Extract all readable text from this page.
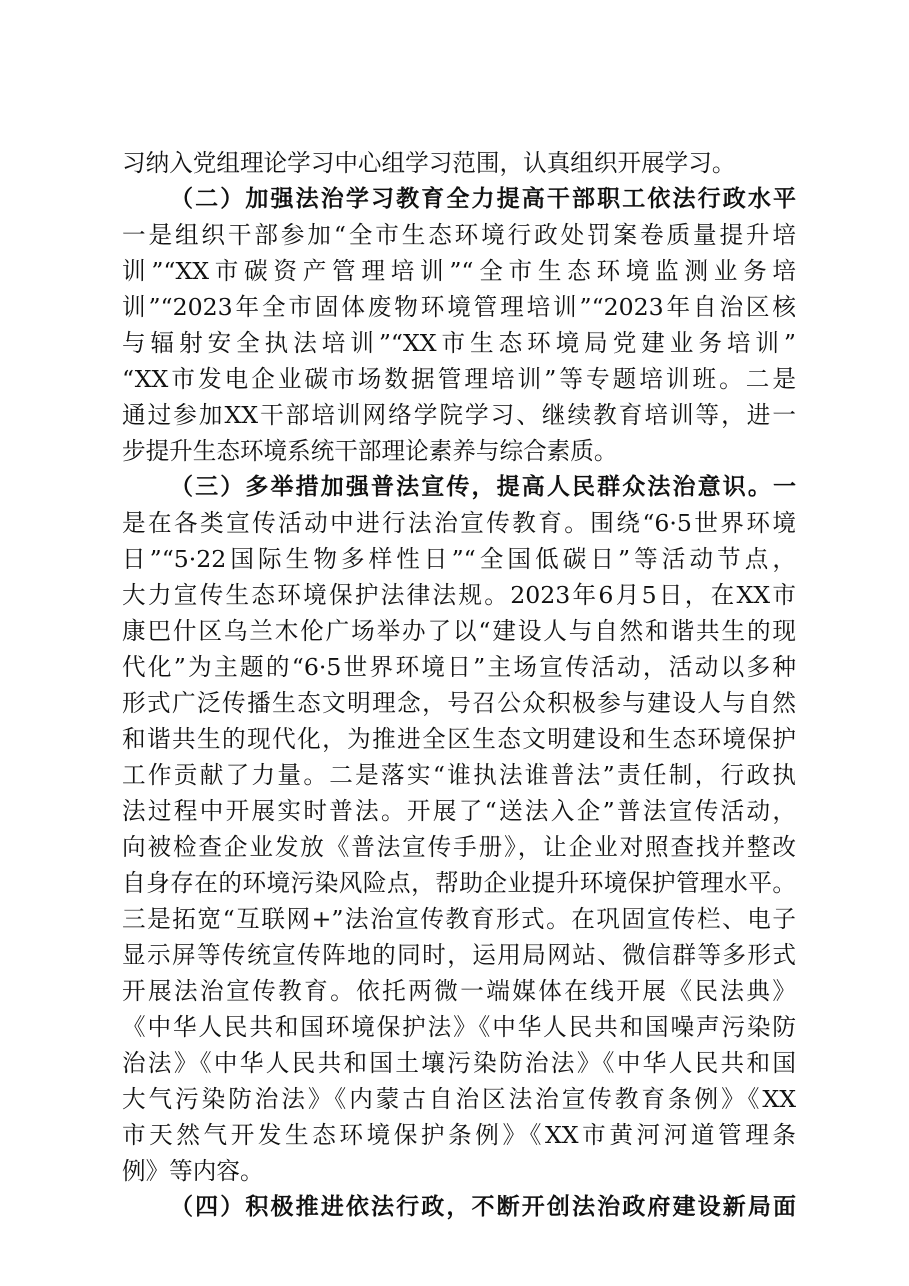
习纳入党组理论学习中心组学习范围，认真组织开展学习。
（二）加强法治学习教育全力提高干部职工依法行政水平
一是组织干部参加“全市生态环境行政处罚案卷质量提升培
训”“XX市碳资产管理培训”“全市生态环境监测业务培
训”“2023年全市固体废物环境管理培训”“2023年自治区核
与辐射安全执法培训”“XX市生态环境局党建业务培训”
“XX市发电企业碳市场数据管理培训”等专题培训班。二是
通过参加XX干部培训网络学院学习、继续教育培训等，进一
步提升生态环境系统干部理论素养与综合素质。
（三）多举措加强普法宣传，提高人民群众法治意识。一
是在各类宣传活动中进行法治宣传教育。围绕“6·5世界环境
日”“5·22国际生物多样性日”“全国低碳日”等活动节点，
大力宣传生态环境保护法律法规。2023年6月5日，在XX市
康巴什区乌兰木伦广场举办了以“建设人与自然和谐共生的现
代化”为主题的“6·5世界环境日”主场宣传活动，活动以多种
形式广泛传播生态文明理念，号召公众积极参与建设人与自然
和谐共生的现代化，为推进全区生态文明建设和生态环境保护
工作贡献了力量。二是落实“谁执法谁普法”责任制，行政执
法过程中开展实时普法。开展了“送法入企”普法宣传活动，
向被检查企业发放《普法宣传手册》，让企业对照查找并整改
自身存在的环境污染风险点，帮助企业提升环境保护管理水平。
三是拓宽“互联网+”法治宣传教育形式。在巩固宣传栏、电子
显示屏等传统宣传阵地的同时，运用局网站、微信群等多形式
开展法治宣传教育。依托两微一端媒体在线开展《民法典》
《中华人民共和国环境保护法》《中华人民共和国噪声污染防
治法》《中华人民共和国土壤污染防治法》《中华人民共和国
大气污染防治法》《内蒙古自治区法治宣传教育条例》《XX
市天然气开发生态环境保护条例》《XX市黄河河道管理条
例》等内容。
（四）积极推进依法行政，不断开创法治政府建设新局面
